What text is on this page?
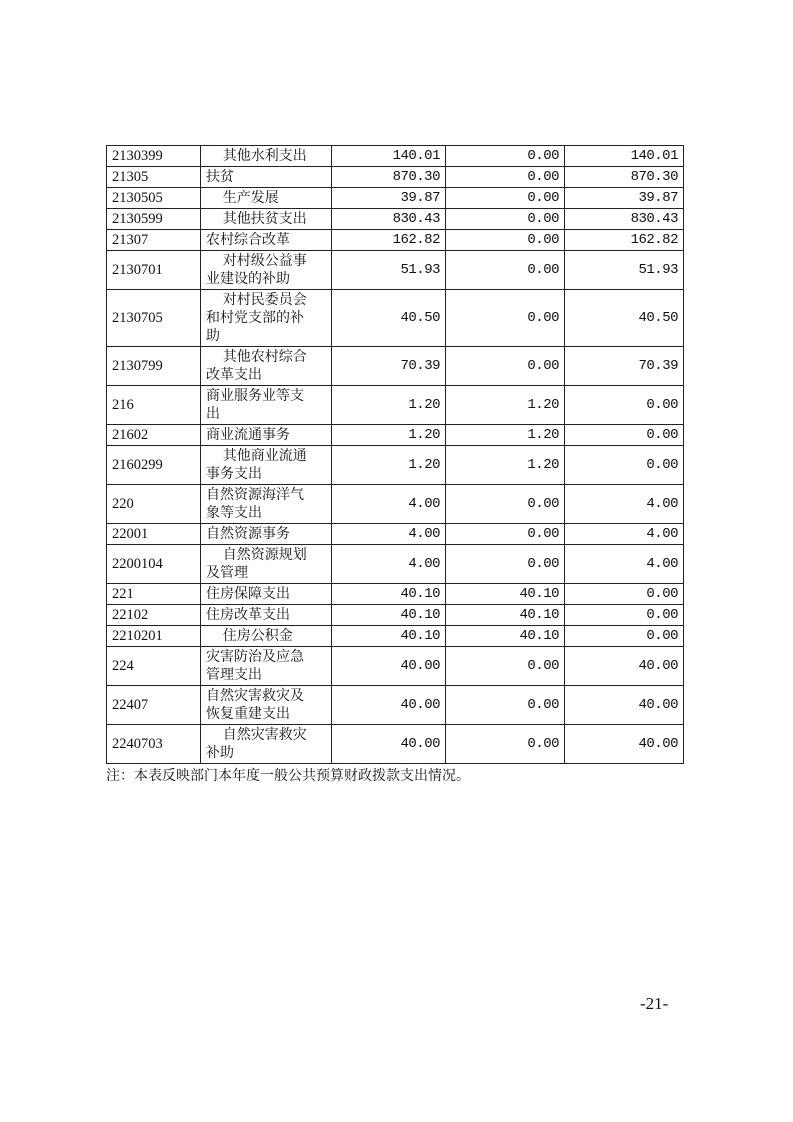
2130399	其他水利支出	140.01	0.00	140.01
21305	扶贫	870.30	0.00	870.30
2130505	生产发展	39.87	0.00	39.87
2130599	其他扶贫支出	830.43	0.00	830.43
21307	农村综合改革	162.82	0.00	162.82
2130701	对村级公益事业建设的补助	51.93	0.00	51.93
2130705	对村民委员会和村党支部的补助	40.50	0.00	40.50
2130799	其他农村综合改革支出	70.39	0.00	70.39
216	商业服务业等支出	1.20	1.20	0.00
21602	商业流通事务	1.20	1.20	0.00
2160299	其他商业流通事务支出	1.20	1.20	0.00
220	自然资源海洋气象等支出	4.00	0.00	4.00
22001	自然资源事务	4.00	0.00	4.00
2200104	自然资源规划及管理	4.00	0.00	4.00
221	住房保障支出	40.10	40.10	0.00
22102	住房改革支出	40.10	40.10	0.00
2210201	住房公积金	40.10	40.10	0.00
224	灾害防治及应急管理支出	40.00	0.00	40.00
22407	自然灾害救灾及恢复重建支出	40.00	0.00	40.00
2240703	自然灾害救灾补助	40.00	0.00	40.00
注：本表反映部门本年度一般公共预算财政拨款支出情况。
-21-
